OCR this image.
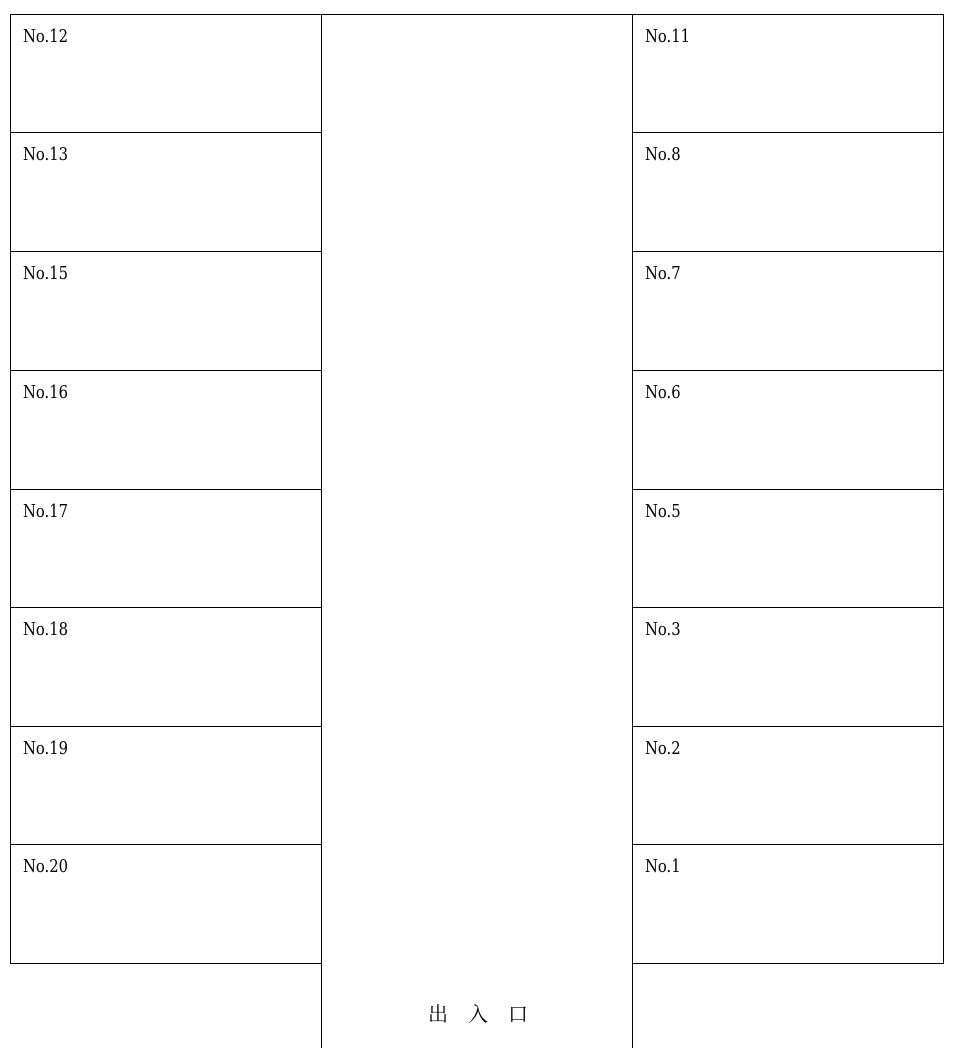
No.12
No.13
No.15
No.16
No.17
No.18
No.19
No.20
No.11
No.8
No.7
No.6
No.5
No.3
No.2
No.1
出入口
